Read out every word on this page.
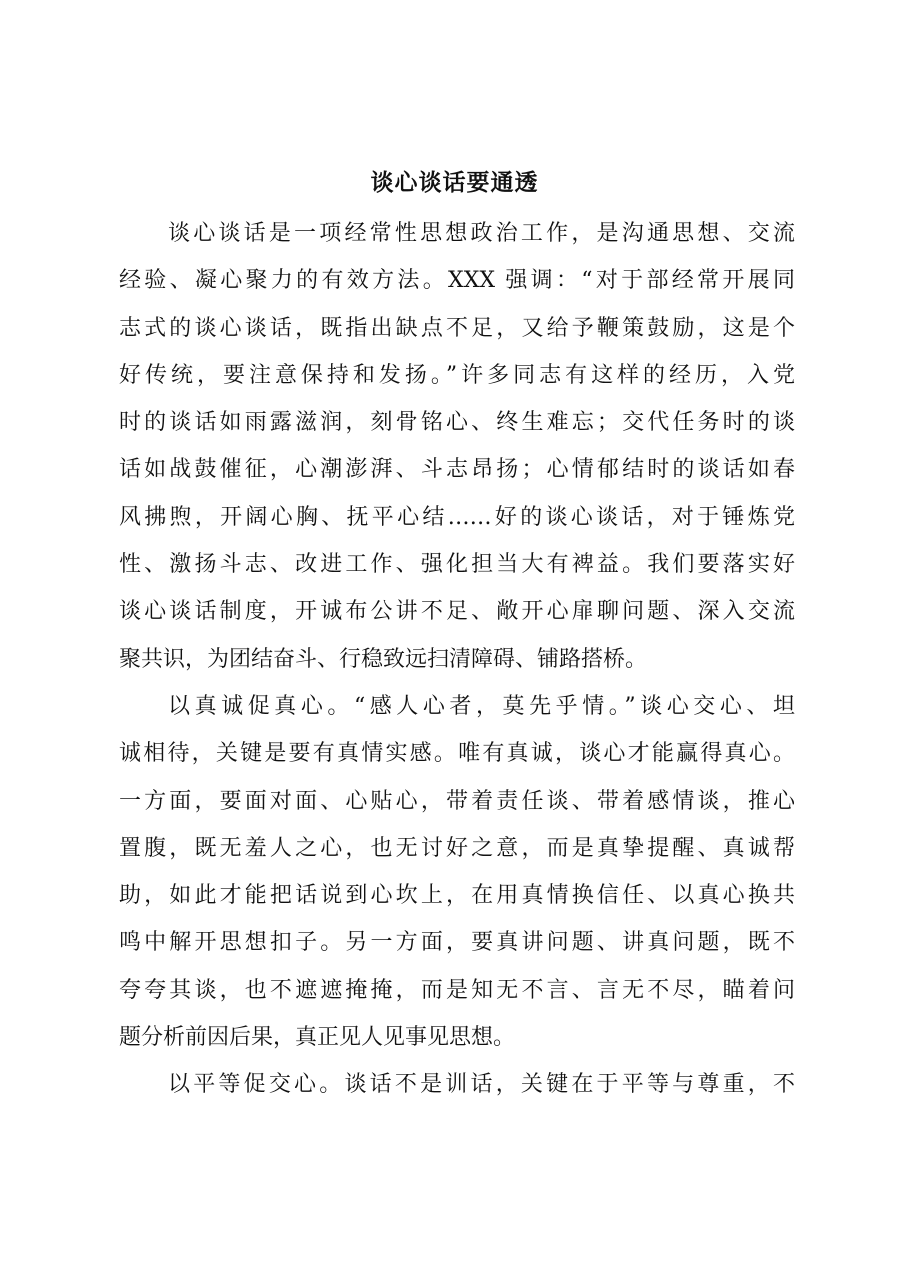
谈心谈话要通透
谈心谈话是一项经常性思想政治工作，是沟通思想、交流
经验、凝心聚力的有效方法。XXX 强调：“对于部经常开展同
志式的谈心谈话，既指出缺点不足，又给予鞭策鼓励，这是个
好传统，要注意保持和发扬。”许多同志有这样的经历，入党
时的谈话如雨露滋润，刻骨铭心、终生难忘；交代任务时的谈
话如战鼓催征，心潮澎湃、斗志昂扬；心情郁结时的谈话如春
风拂煦，开阔心胸、抚平心结……好的谈心谈话，对于锤炼党
性、激扬斗志、改进工作、强化担当大有裨益。我们要落实好
谈心谈话制度，开诚布公讲不足、敞开心扉聊问题、深入交流
聚共识，为团结奋斗、行稳致远扫清障碍、铺路搭桥。
以真诚促真心。“感人心者，莫先乎情。”谈心交心、坦
诚相待，关键是要有真情实感。唯有真诚，谈心才能赢得真心。
一方面，要面对面、心贴心，带着责任谈、带着感情谈，推心
置腹，既无羞人之心，也无讨好之意，而是真挚提醒、真诚帮
助，如此才能把话说到心坎上，在用真情换信任、以真心换共
鸣中解开思想扣子。另一方面，要真讲问题、讲真问题，既不
夸夸其谈，也不遮遮掩掩，而是知无不言、言无不尽，瞄着问
题分析前因后果，真正见人见事见思想。
以平等促交心。谈话不是训话，关键在于平等与尊重，不
